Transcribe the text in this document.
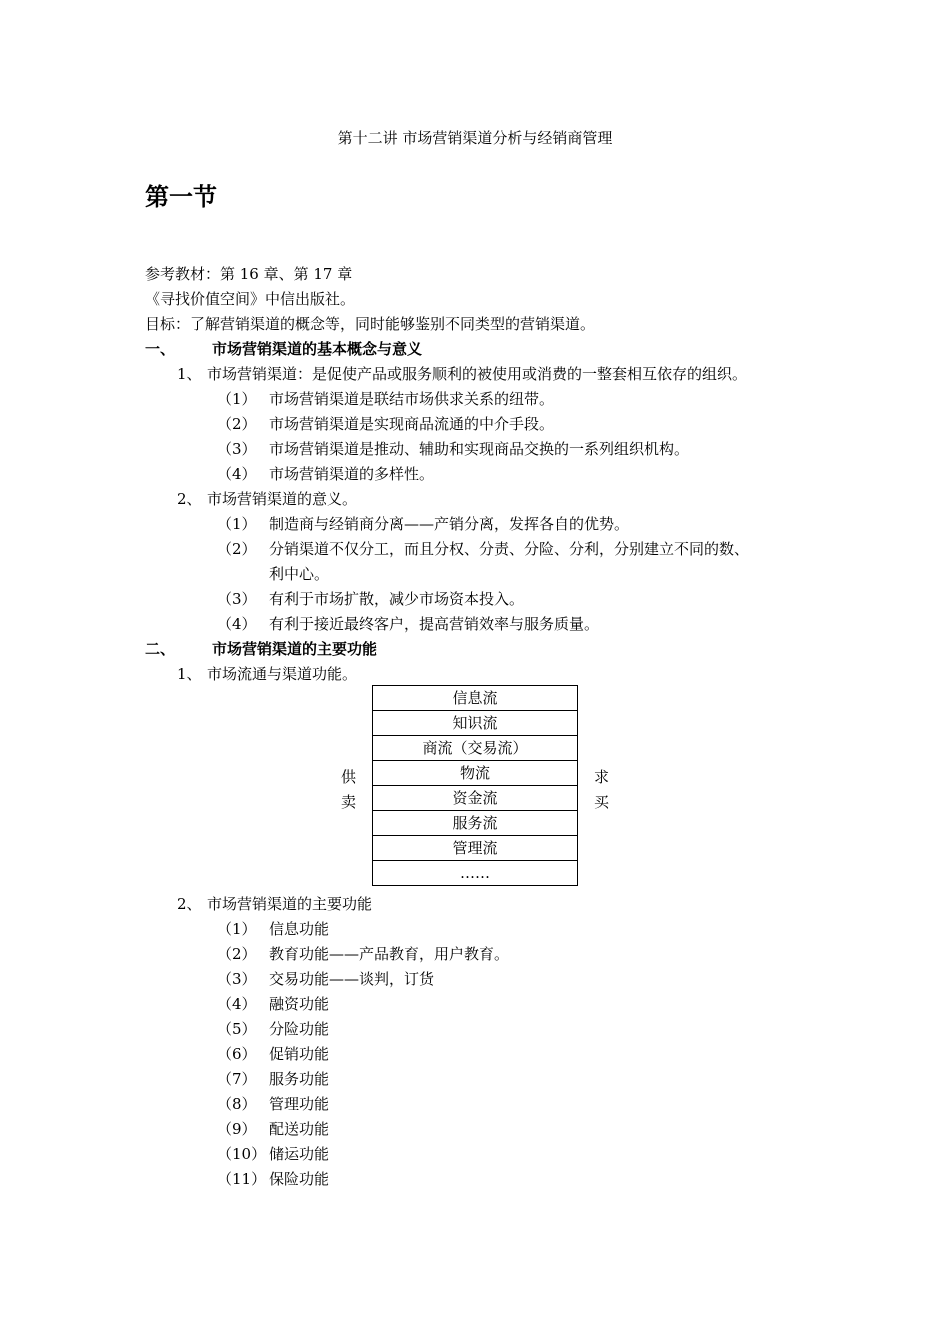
第十二讲 市场营销渠道分析与经销商管理
第一节
参考教材：第 16 章、第 17 章
《寻找价值空间》中信出版社。
目标：了解营销渠道的概念等，同时能够鉴别不同类型的营销渠道。
一、 市场营销渠道的基本概念与意义
1、 市场营销渠道：是促使产品或服务顺利的被使用或消费的一整套相互依存的组织。
（1） 市场营销渠道是联结市场供求关系的纽带。
（2） 市场营销渠道是实现商品流通的中介手段。
（3） 市场营销渠道是推动、辅助和实现商品交换的一系列组织机构。
（4） 市场营销渠道的多样性。
2、 市场营销渠道的意义。
（1） 制造商与经销商分离——产销分离，发挥各自的优势。
（2） 分销渠道不仅分工，而且分权、分责、分险、分利，分别建立不同的数、
利中心。
（3） 有利于市场扩散，减少市场资本投入。
（4） 有利于接近最终客户，提高营销效率与服务质量。
二、 市场营销渠道的主要功能
1、 市场流通与渠道功能。
供
卖
求
买
信息流
知识流
商流（交易流）
物流
资金流
服务流
管理流
……
2、 市场营销渠道的主要功能
（1） 信息功能
（2） 教育功能——产品教育，用户教育。
（3） 交易功能——谈判，订货
（4） 融资功能
（5） 分险功能
（6） 促销功能
（7） 服务功能
（8） 管理功能
（9） 配送功能
（10） 储运功能
（11） 保险功能
